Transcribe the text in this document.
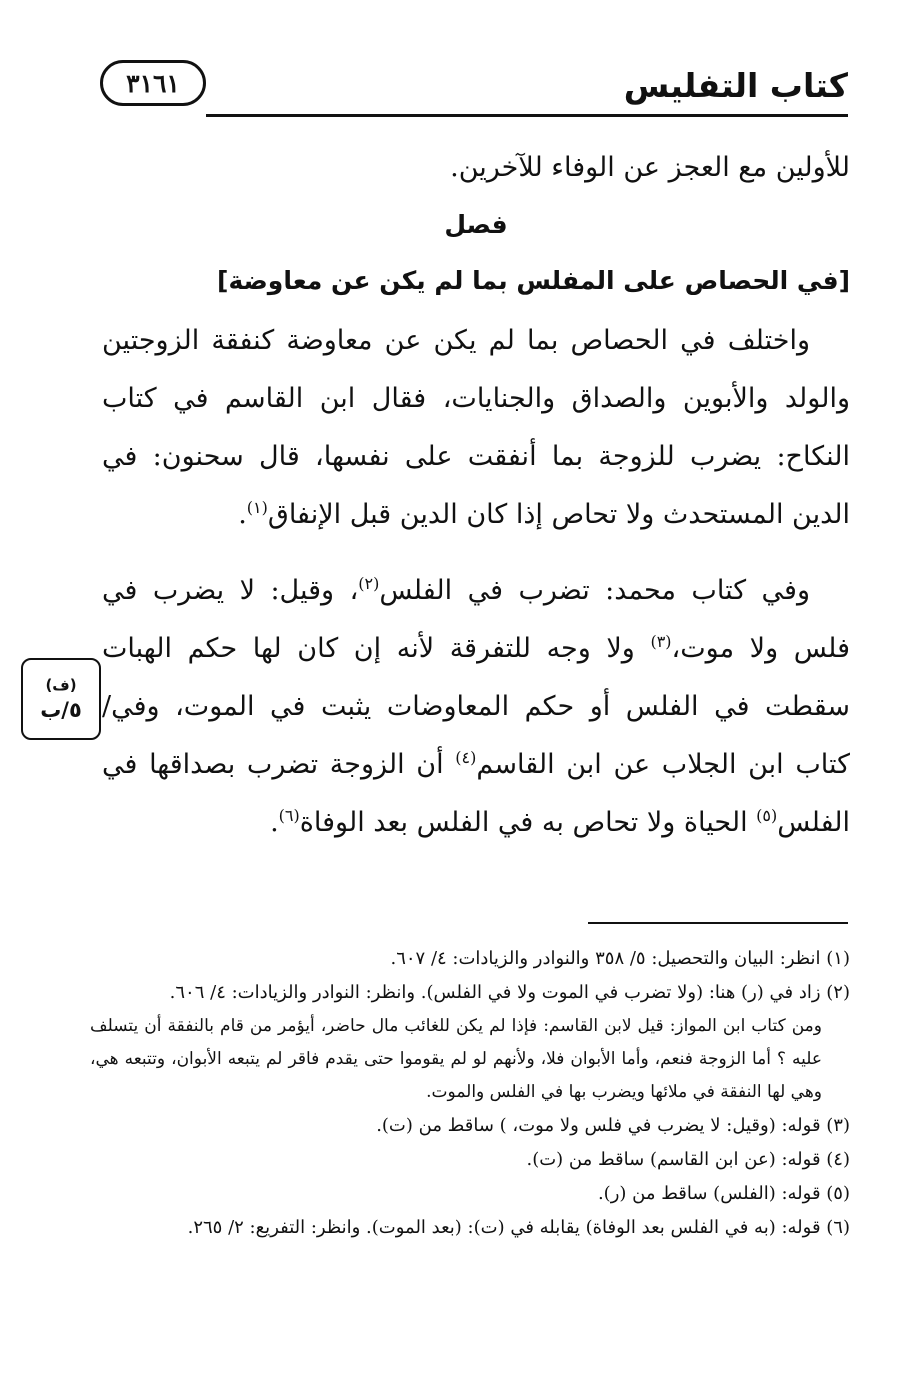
كتاب التفليس
٣١٦١
(ف)
٥/ب
للأولين مع العجز عن الوفاء للآخرين.
فصل
[في الحصاص على المفلس بما لم يكن عن معاوضة]
واختلف في الحصاص بما لم يكن عن معاوضة كنفقة الزوجتين والولد والأبوين والصداق والجنايات، فقال ابن القاسم في كتاب النكاح: يضرب للزوجة بما أنفقت على نفسها، قال سحنون: في الدين المستحدث ولا تحاص إذا كان الدين قبل الإنفاق$^{(١)}$.
وفي كتاب محمد: تضرب في الفلس$^{(٢)}$، وقيل: لا يضرب في فلس ولا موت،$^{(٣)}$ ولا وجه للتفرقة لأنه إن كان لها حكم الهبات سقطت في الفلس أو حكم المعاوضات يثبت في الموت، وفي/ كتاب ابن الجلاب عن ابن القاسم$^{(٤)}$ أن الزوجة تضرب بصداقها في الفلس$^{(٥)}$ الحياة ولا تحاص به في الفلس بعد الوفاة$^{(٦)}$.
(١) انظر: البيان والتحصيل: ٥/ ٣٥٨ والنوادر والزيادات: ٤/ ٦٠٧.
(٢) زاد في (ر) هنا: (ولا تضرب في الموت ولا في الفلس). وانظر: النوادر والزيادات: ٤/ ٦٠٦.
ومن كتاب ابن المواز: قيل لابن القاسم: فإذا لم يكن للغائب مال حاضر، أيؤمر من قام بالنفقة أن يتسلف عليه ؟ أما الزوجة فنعم، وأما الأبوان فلا، ولأنهم لو لم يقوموا حتى يقدم فاقر لم يتبعه الأبوان، وتتبعه هي، وهي لها النفقة في ملائها ويضرب بها في الفلس والموت.
(٣) قوله: (وقيل: لا يضرب في فلس ولا موت، ) ساقط من (ت).
(٤) قوله: (عن ابن القاسم) ساقط من (ت).
(٥) قوله: (الفلس) ساقط من (ر).
(٦) قوله: (به في الفلس بعد الوفاة) يقابله في (ت): (بعد الموت). وانظر: التفريع: ٢/ ٢٦٥.
